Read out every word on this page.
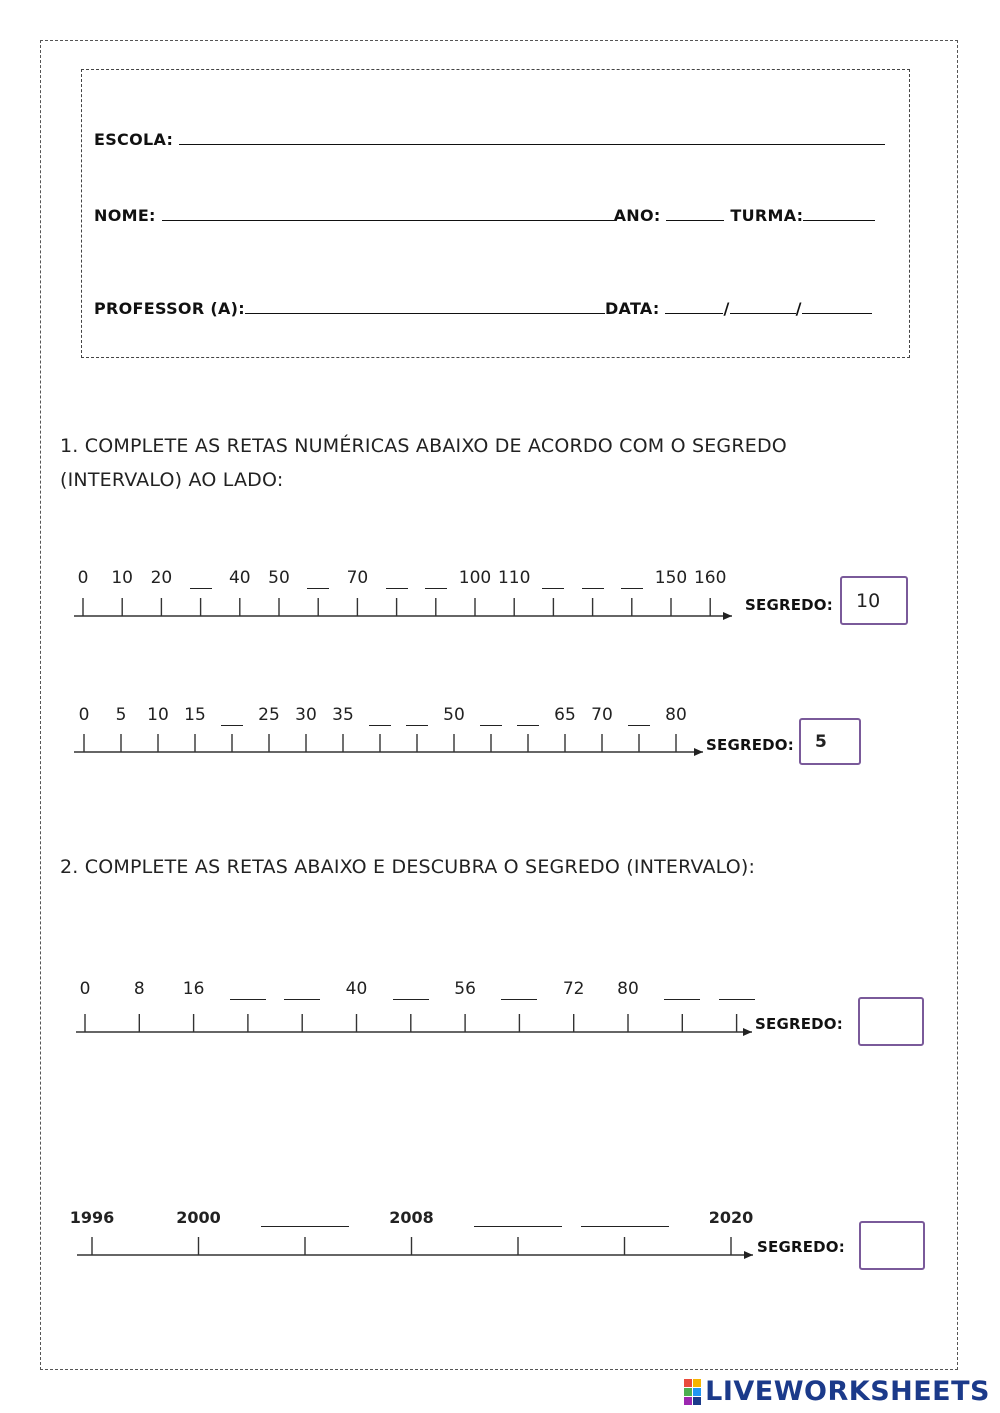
ESCOLA:
NOME:	ANO:	TURMA:
PROFESSOR (A):	DATA:	/	/
1. COMPLETE AS RETAS NUMÉRICAS ABAIXO DE ACORDO COM O SEGREDO
(INTERVALO) AO LADO:
0 10 20	40 50	70	100 110	150 160
SEGREDO:	10
0 5 10 15	25 30 35	50	65 70	80
SEGREDO:	5
2. COMPLETE AS RETAS ABAIXO E DESCUBRA O SEGREDO (INTERVALO):
0	8 16	40	56	72 80
SEGREDO:
1996	2000	2008	2020
SEGREDO:
LIVEWORKSHEETS
